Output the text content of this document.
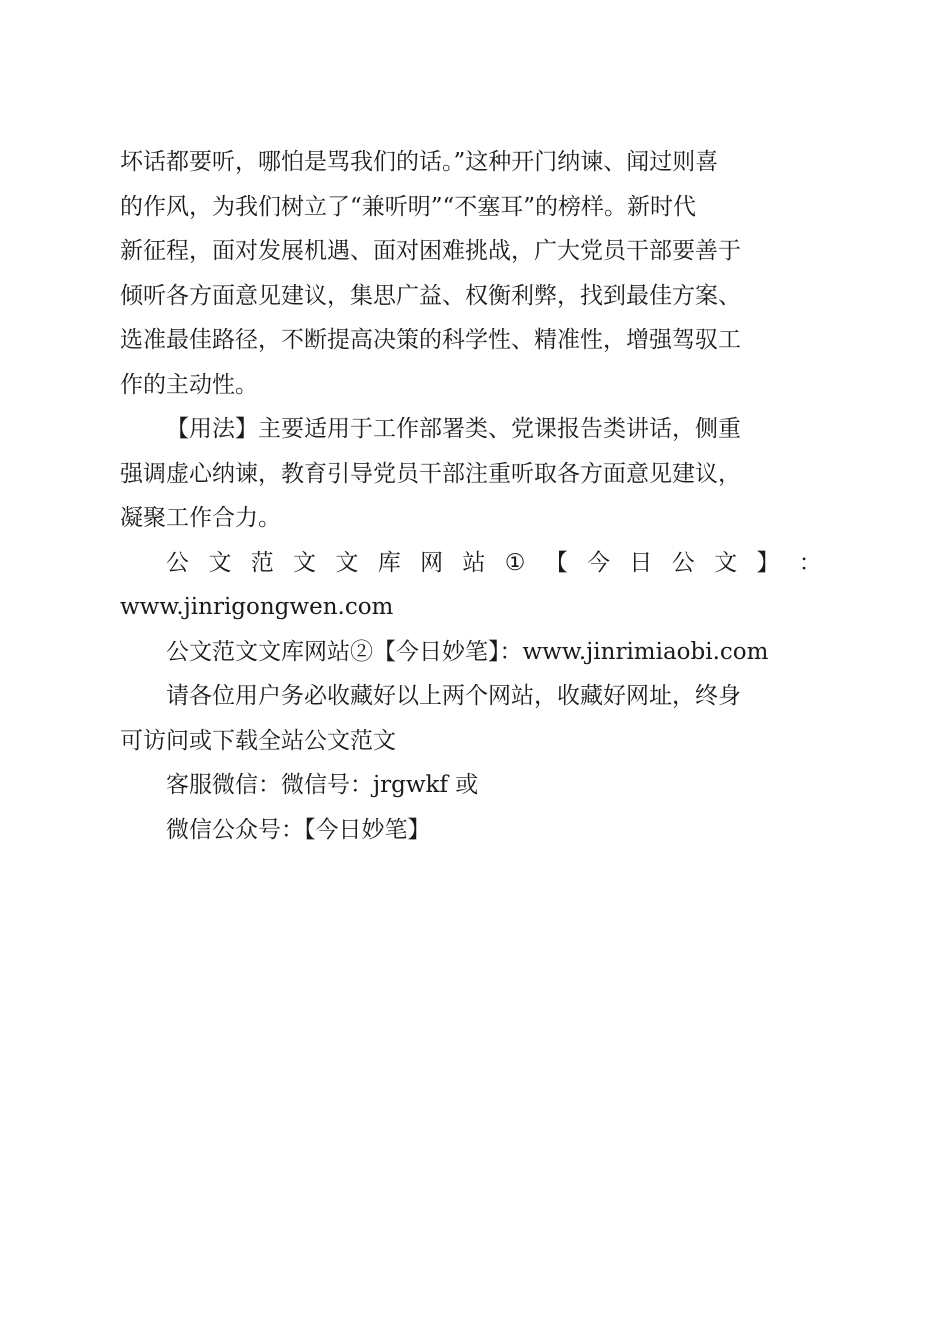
坏话都要听，哪怕是骂我们的话。”这种开门纳谏、闻过则喜
的作风，为我们树立了“兼听明”“不塞耳”的榜样。新时代
新征程，面对发展机遇、面对困难挑战，广大党员干部要善于
倾听各方面意见建议，集思广益、权衡利弊，找到最佳方案、
选准最佳路径，不断提高决策的科学性、精准性，增强驾驭工
作的主动性。

【用法】主要适用于工作部署类、党课报告类讲话，侧重
强调虚心纳谏，教育引导党员干部注重听取各方面意见建议，
凝聚工作合力。

公 文 范 文 文 库 网 站 ① 【 今 日 公 文 】 ：
www.jinrigongwen.com
公文范文文库网站②【今日妙笔】：www.jinrimiaobi.com

请各位用户务必收藏好以上两个网站，收藏好网址，终身
可访问或下载全站公文范文

客服微信：微信号：jrgwkf 或
微信公众号：【今日妙笔】
